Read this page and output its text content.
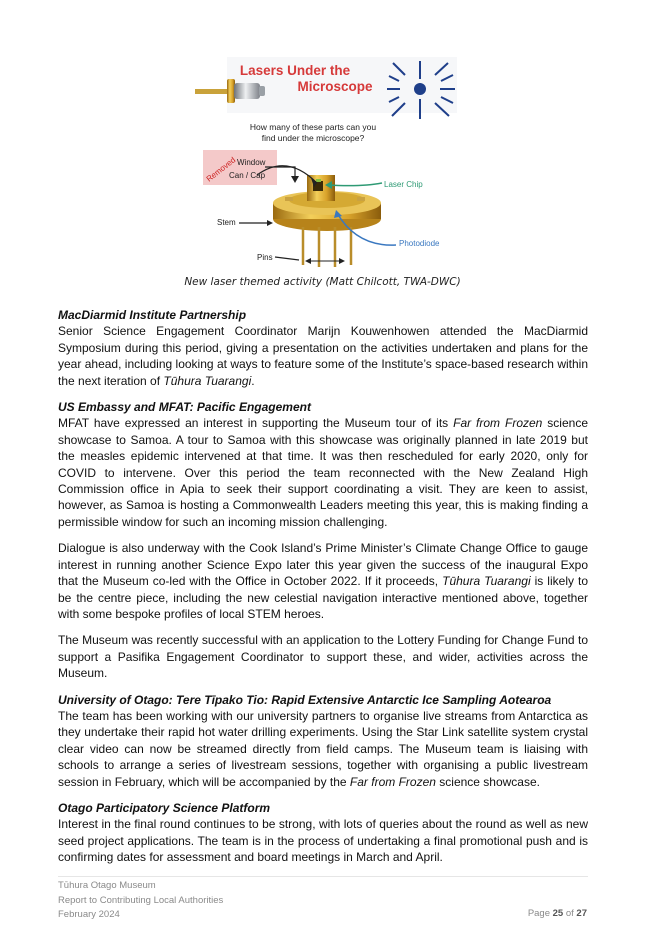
Lasers Under the
Microscope
How many of these parts can you
find under the microscope?
Removed Window
Can / Cap
Laser Chip
Stem
Photodiode
Pins
New laser themed activity (Matt Chilcott, TWA-DWC)
MacDiarmid Institute Partnership

Senior Science Engagement Coordinator Marijn Kouwenhowen attended the MacDiarmid Symposium during this period, giving a presentation on the activities undertaken and plans for the year ahead, including looking at ways to feature some of the Institute’s space-based research within the next iteration of Tūhura Tuarangi.

US Embassy and MFAT: Pacific Engagement

MFAT have expressed an interest in supporting the Museum tour of its Far from Frozen science showcase to Samoa. A tour to Samoa with this showcase was originally planned in late 2019 but the measles epidemic intervened at that time. It was then rescheduled for early 2020, only for COVID to intervene. Over this period the team reconnected with the New Zealand High Commission office in Apia to seek their support coordinating a visit. They are keen to assist, however, as Samoa is hosting a Commonwealth Leaders meeting this year, this is making finding a permissible window for such an incoming mission challenging.

Dialogue is also underway with the Cook Island’s Prime Minister’s Climate Change Office to gauge interest in running another Science Expo later this year given the success of the inaugural Expo that the Museum co-led with the Office in October 2022. If it proceeds, Tūhura Tuarangi is likely to be the centre piece, including the new celestial navigation interactive mentioned above, together with some bespoke profiles of local STEM heroes.

The Museum was recently successful with an application to the Lottery Funding for Change Fund to support a Pasifika Engagement Coordinator to support these, and wider, activities across the Museum.

University of Otago: Tere Tīpako Tio: Rapid Extensive Antarctic Ice Sampling Aotearoa

The team has been working with our university partners to organise live streams from Antarctica as they undertake their rapid hot water drilling experiments. Using the Star Link satellite system crystal clear video can now be streamed directly from field camps. The Museum team is liaising with schools to arrange a series of livestream sessions, together with organising a public livestream session in February, which will be accompanied by the Far from Frozen science showcase.

Otago Participatory Science Platform

Interest in the final round continues to be strong, with lots of queries about the round as well as new seed project applications. The team is in the process of undertaking a final promotional push and is confirming dates for assessment and board meetings in March and April.

Tūhura Otago Museum
Report to Contributing Local Authorities
February 2024	Page 25 of 27
